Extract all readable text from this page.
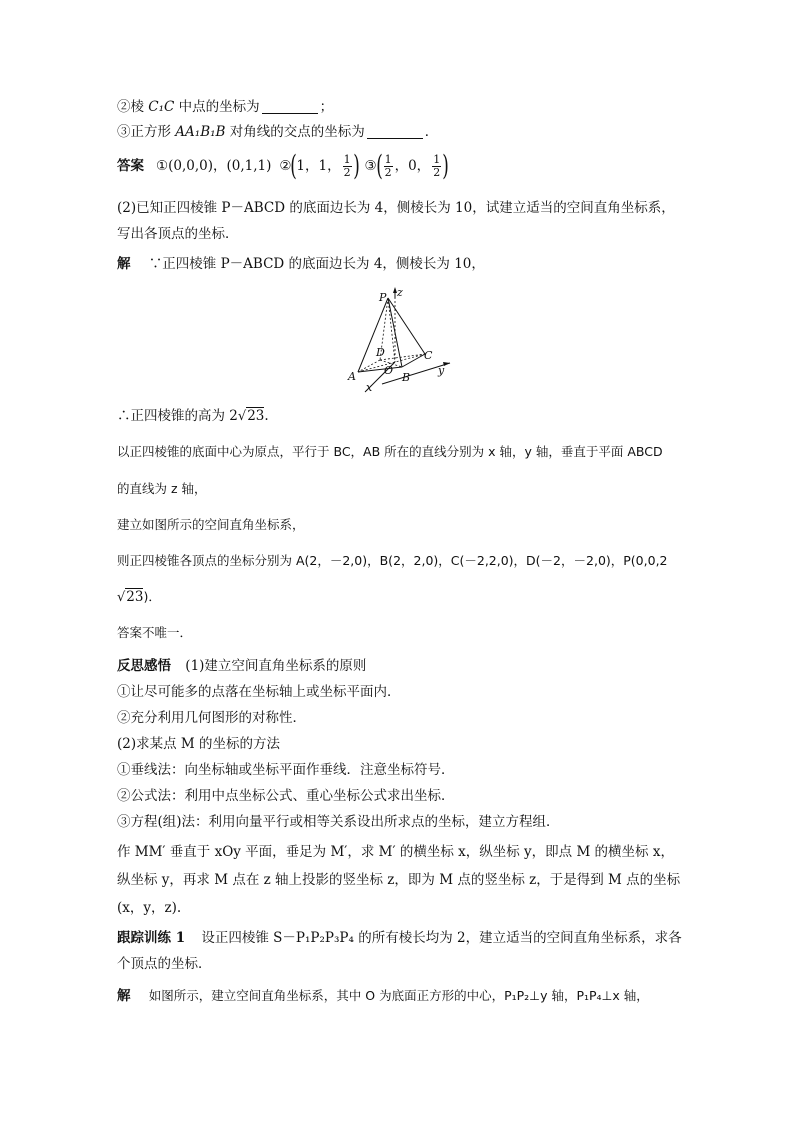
②棱 C₁C 中点的坐标为	；
③正方形 AA₁B₁B 对角线的交点的坐标为	．
答案 ①(0,0,0)，(0,1,1) ② ( 1，1， $\frac{1}{2}$ ) ③ ( $\frac{1}{2}$ ，0， $\frac{1}{2}$ )
(2)已知正四棱锥 P－ABCD 的底面边长为 4，侧棱长为 10，试建立适当的空间直角坐标系，
写出各顶点的坐标．
解 ∵正四棱锥 P－ABCD 的底面边长为 4，侧棱长为 10，
P z
D	C
A	O
B
y
x
∴正四棱锥的高为 2√23.
以正四棱锥的底面中心为原点，平行于 BC，AB 所在的直线分别为 x 轴，y 轴，垂直于平面 ABCD
的直线为 z 轴，
建立如图所示的空间直角坐标系，
则正四棱锥各顶点的坐标分别为 A(2，－2,0)，B(2，2,0)，C(－2,2,0)，D(－2，－2,0)，P(0,0,2
√23)．
答案不唯一．
反思感悟 (1)建立空间直角坐标系的原则
①让尽可能多的点落在坐标轴上或坐标平面内．
②充分利用几何图形的对称性．
(2)求某点 M 的坐标的方法
①垂线法：向坐标轴或坐标平面作垂线．注意坐标符号．
②公式法：利用中点坐标公式、重心坐标公式求出坐标．
③方程(组)法：利用向量平行或相等关系设出所求点的坐标，建立方程组．
作 MM′ 垂直于 xOy 平面，垂足为 M′，求 M′ 的横坐标 x，纵坐标 y，即点 M 的横坐标 x，
纵坐标 y，再求 M 点在 z 轴上投影的竖坐标 z，即为 M 点的竖坐标 z，于是得到 M 点的坐标
(x，y，z).
跟踪训练 1 设正四棱锥 S－P₁P₂P₃P₄ 的所有棱长均为 2，建立适当的空间直角坐标系，求各
个顶点的坐标．
解 如图所示，建立空间直角坐标系，其中 O 为底面正方形的中心，P₁P₂⊥y 轴，P₁P₄⊥x 轴，
